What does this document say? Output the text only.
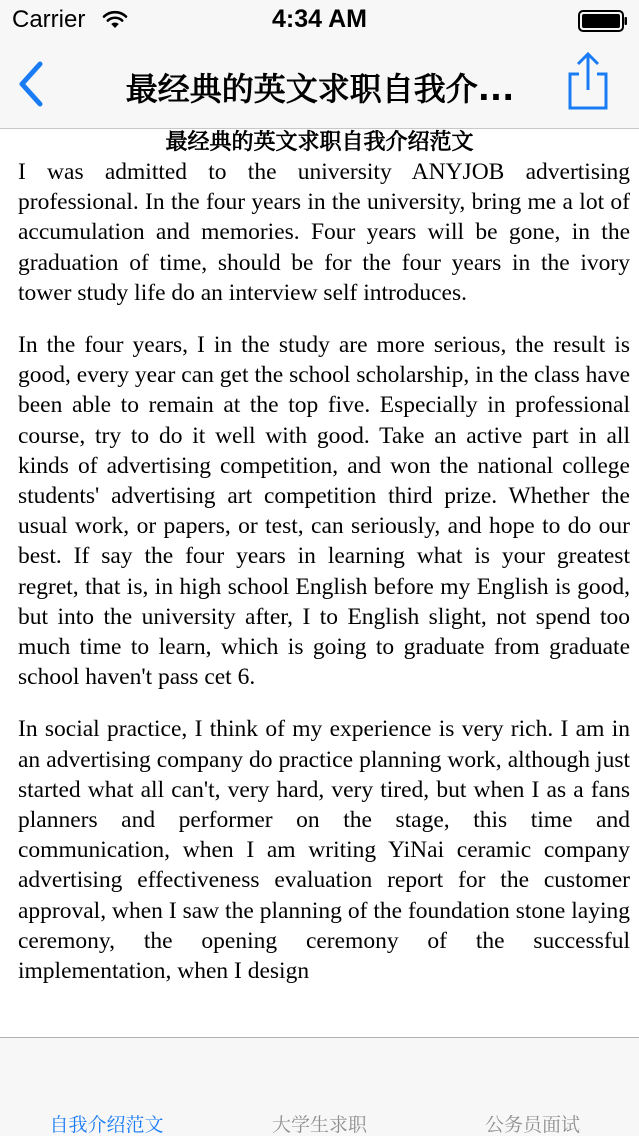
Carrier	4:34 AM
最经典的英文求职自我介...
最经典的英文求职自我介绍范文

I was admitted to the university ANYJOB advertising professional. In the four years in the university, bring me a lot of accumulation and memories. Four years will be gone, in the graduation of time, should be for the four years in the ivory tower study life do an interview self introduces.

In the four years, I in the study are more serious, the result is good, every year can get the school scholarship, in the class have been able to remain at the top five. Especially in professional course, try to do it well with good. Take an active part in all kinds of advertising competition, and won the national college students' advertising art competition third prize. Whether the usual work, or papers, or test, can seriously, and hope to do our best. If say the four years in learning what is your greatest regret, that is, in high school English before my English is good, but into the university after, I to English slight, not spend too much time to learn, which is going to graduate from graduate school haven't pass cet 6.

In social practice, I think of my experience is very rich. I am in an advertising company do practice planning work, although just started what all can't, very hard, very tired, but when I as a fans planners and performer on the stage, this time and communication, when I am writing YiNai ceramic company advertising effectiveness evaluation report for the customer approval, when I saw the planning of the foundation stone laying ceremony, the opening ceremony of the successful implementation, when I design

自我介绍范文	大学生求职	公务员面试
